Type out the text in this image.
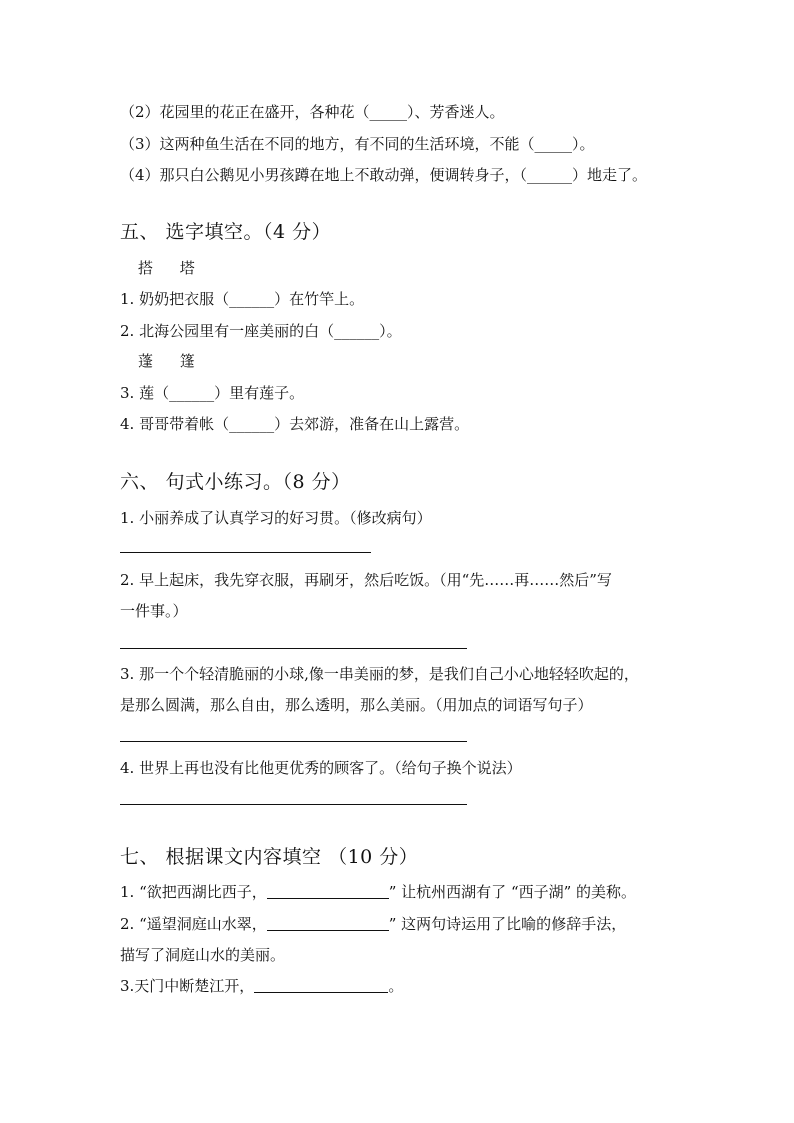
（2）花园里的花正在盛开，各种花（_____）、芳香迷人。
（3）这两种鱼生活在不同的地方，有不同的生活环境，不能（_____）。
（4）那只白公鹅见小男孩蹲在地上不敢动弹，便调转身子，（______）地走了。
五、 选字填空。（4 分）
搭 塔
1. 奶奶把衣服（______）在竹竿上。
2. 北海公园里有一座美丽的白（______）。
蓬 篷
3. 莲（______）里有莲子。
4. 哥哥带着帐（______）去郊游，准备在山上露营。
六、 句式小练习。（8 分）
1. 小丽养成了认真学习的好习贯。（修改病句）
2. 早上起床，我先穿衣服，再刷牙，然后吃饭。（用“先……再……然后”写
一件事。）
3. 那一个个轻清脆丽的小球,像一串美丽的梦，是我们自己小心地轻轻吹起的，
是那么圆满，那么自由，那么透明，那么美丽。（用加点的词语写句子）
4. 世界上再也没有比他更优秀的顾客了。（给句子换个说法）
七、 根据课文内容填空 （10 分）
1. “欲把西湖比西子，	” 让杭州西湖有了 “西子湖” 的美称。
2. “遥望洞庭山水翠，	” 这两句诗运用了比喻的修辞手法，
描写了洞庭山水的美丽。
3.天门中断楚江开，	。
